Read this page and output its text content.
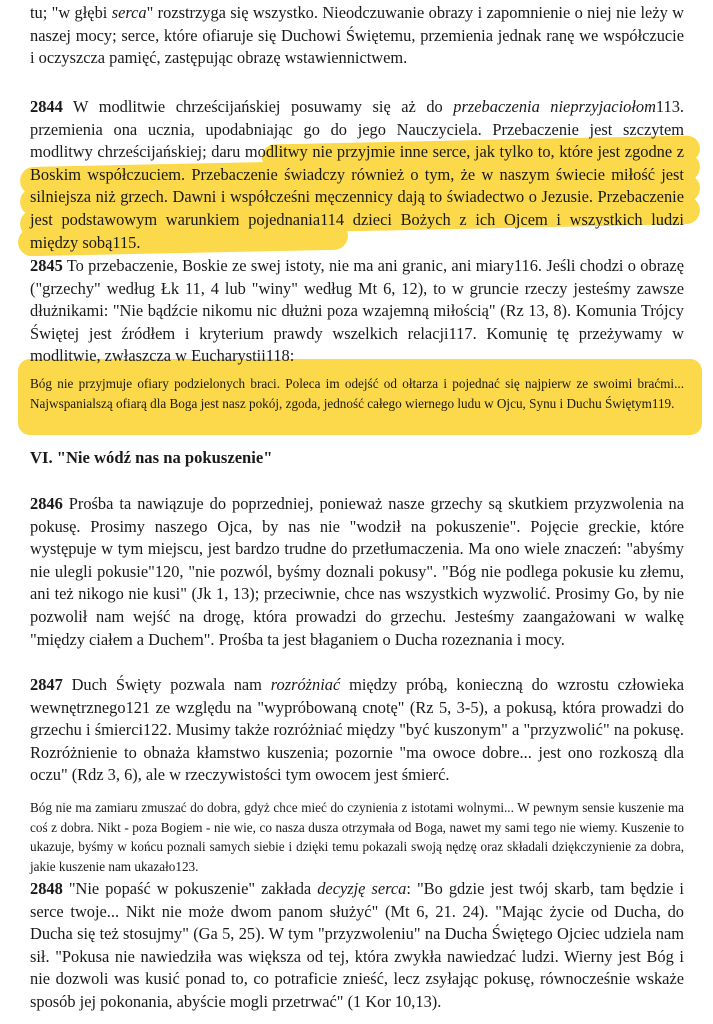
tu; "w głębi serca" rozstrzyga się wszystko. Nieodczuwanie obrazy i zapomnienie o niej nie leży w naszej mocy; serce, które ofiaruje się Duchowi Świętemu, przemienia jednak ranę we współczucie i oczyszcza pamięć, zastępując obrazę wstawiennictwem.
2844 W modlitwie chrześcijańskiej posuwamy się aż do przebaczenia nieprzyjaciołom113. przemienia ona ucznia, upodabniając go do jego Nauczyciela. Przebaczenie jest szczytem modlitwy chrześcijańskiej; daru modlitwy nie przyjmie inne serce, jak tylko to, które jest zgodne z Boskim współczuciem. Przebaczenie świadczy również o tym, że w naszym świecie miłość jest silniejsza niż grzech. Dawni i współcześni męczennicy dają to świadectwo o Jezusie. Przebaczenie jest podstawowym warunkiem pojednania114 dzieci Bożych z ich Ojcem i wszystkich ludzi między sobą115.
2845 To przebaczenie, Boskie ze swej istoty, nie ma ani granic, ani miary116. Jeśli chodzi o obrazę ("grzechy" według Łk 11, 4 lub "winy" według Mt 6, 12), to w gruncie rzeczy jesteśmy zawsze dłużnikami: "Nie bądźcie nikomu nic dłużni poza wzajemną miłością" (Rz 13, 8). Komunia Trójcy Świętej jest źródłem i kryterium prawdy wszelkich relacji117. Komunię tę przeżywamy w modlitwie, zwłaszcza w Eucharystii118:
Bóg nie przyjmuje ofiary podzielonych braci. Poleca im odejść od ołtarza i pojednać się najpierw ze swoimi braćmi... Najwspanialszą ofiarą dla Boga jest nasz pokój, zgoda, jedność całego wiernego ludu w Ojcu, Synu i Duchu Świętym119.
VI. "Nie wódź nas na pokuszenie"
2846 Prośba ta nawiązuje do poprzedniej, ponieważ nasze grzechy są skutkiem przyzwolenia na pokusę. Prosimy naszego Ojca, by nas nie "wodził na pokuszenie". Pojęcie greckie, które występuje w tym miejscu, jest bardzo trudne do przetłumaczenia. Ma ono wiele znaczeń: "abyśmy nie ulegli pokusie"120, "nie pozwól, byśmy doznali pokusy". "Bóg nie podlega pokusie ku złemu, ani też nikogo nie kusi" (Jk 1, 13); przeciwnie, chce nas wszystkich wyzwolić. Prosimy Go, by nie pozwolił nam wejść na drogę, która prowadzi do grzechu. Jesteśmy zaangażowani w walkę "między ciałem a Duchem". Prośba ta jest błaganiem o Ducha rozeznania i mocy.
2847 Duch Święty pozwala nam rozróżniać między próbą, konieczną do wzrostu człowieka wewnętrznego121 ze względu na "wypróbowaną cnotę" (Rz 5, 3-5), a pokusą, która prowadzi do grzechu i śmierci122. Musimy także rozróżniać między "być kuszonym" a "przyzwolić" na pokusę. Rozróżnienie to obnaża kłamstwo kuszenia; pozornie "ma owoce dobre... jest ono rozkoszą dla oczu" (Rdz 3, 6), ale w rzeczywistości tym owocem jest śmierć.
Bóg nie ma zamiaru zmuszać do dobra, gdyż chce mieć do czynienia z istotami wolnymi... W pewnym sensie kuszenie ma coś z dobra. Nikt - poza Bogiem - nie wie, co nasza dusza otrzymała od Boga, nawet my sami tego nie wiemy. Kuszenie to ukazuje, byśmy w końcu poznali samych siebie i dzięki temu pokazali swoją nędzę oraz składali dziękczynienie za dobra, jakie kuszenie nam ukazało123.
2848 "Nie popaść w pokuszenie" zakłada decyzję serca: "Bo gdzie jest twój skarb, tam będzie i serce twoje... Nikt nie może dwom panom służyć" (Mt 6, 21. 24). "Mając życie od Ducha, do Ducha się też stosujmy" (Ga 5, 25). W tym "przyzwoleniu" na Ducha Świętego Ojciec udziela nam sił. "Pokusa nie nawiedziła was większa od tej, która zwykła nawiedzać ludzi. Wierny jest Bóg i nie dozwoli was kusić ponad to, co potraficie znieść, lecz zsyłając pokusę, równocześnie wskaże sposób jej pokonania, abyście mogli przetrwać" (1 Kor 10,13).
